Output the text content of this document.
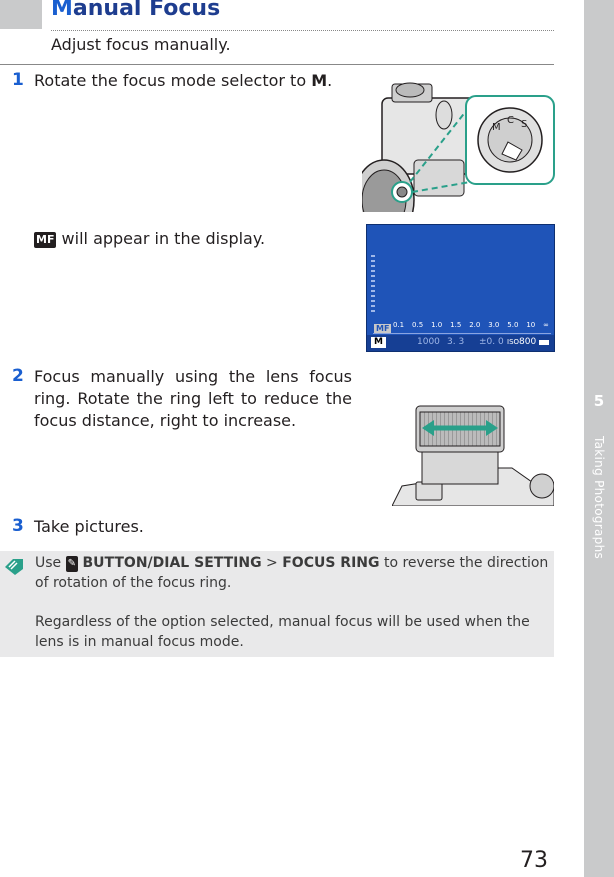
5
Taking Photographs
Manual Focus
Adjust focus manually.
1 Rotate the focus mode selector to M.
M
C S
MF will appear in the display.
MF 0.1 0.5 1.0 1.5 2.0 3.0 5.0 10 ∞
M	1000 3. 3 ±0. 0 ISO 800
2 Focus manually using the lens focus ring. Rotate the ring left to reduce the focus distance, right to increase.
3 Take pictures.
Use ✎ BUTTON/DIAL SETTING > FOCUS RING to reverse the direction of rotation of the focus ring.
Regardless of the option selected, manual focus will be used when the lens is in manual focus mode.
73
